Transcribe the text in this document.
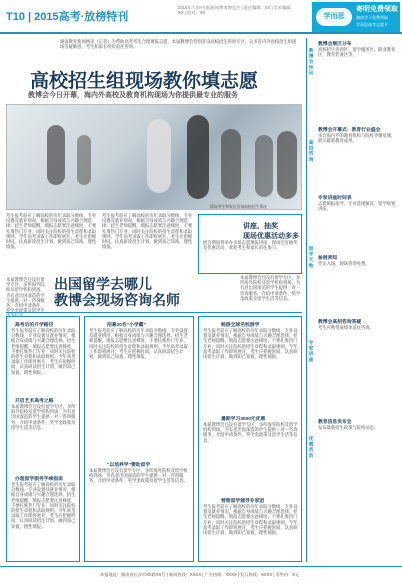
T10 | 2015高考·放榜特刊
2015年大国中国(湖南)教育博览会 | 责任编辑：XX | 美术编辑：XX | 校对：XX
学而思
寄明免费领取
湖南学子免费领取
学而思高考志愿卡
湖南教育新闻网讯（记者）为帮助高考考生合理填报志愿，本届教博会特别开设高校招生咨询专区，众多省内外高校招生组现场答疑解惑，考生和家长纷纷前往咨询。
高校招生组现场教你填志愿
教博会今日开幕，海内外高校及教育机构现场为你提供最专业的服务
现场考生和家长咨询高校招生情况
考生报考前应了解高校的历年录取分数线、专业设置及就业情况，根据自身成绩与兴趣合理选择。招生老师提醒，填报志愿要注意梯度，不要扎堆热门专业，同时关注院校的招生章程和录取规则。今年高考录取工作即将展开，考生应把握时间，认真研读招生计划，做到知己知彼，理性填报。
考生报考前应了解高校的历年录取分数线、专业设置及就业情况，根据自身成绩与兴趣合理选择。招生老师提醒，填报志愿要注意梯度，不要扎堆热门专业，同时关注院校的招生章程和录取规则。今年高考录取工作即将展开，考生应把握时间，认真研读招生计划，做到知己知彼，理性填报。
讲座、抽奖
现场优惠活动多多
展会期间将举办多场志愿填报讲座，现场还有抽奖及优惠活动，欢迎考生和家长前往参与。
出国留学去哪儿
教博会现场咨询名师
本届教博会还设有留学专区，多所海外院校及留学机构到场，为有意出国深造的学生提供一对一咨询服务，介绍申请条件、
本届教博会还设有留学专区，多所海外院校及留学机构到场，为有意出国深造的学生提供一对一咨询服务，介绍申请条件、奖学金政策及留学生活等信息。
高考后的升学路径
考生报考前应了解高校的历年录取分数线、专业设置及就业情况，根据自身成绩与兴趣合理选择。招生老师提醒，填报志愿要注意梯度，不要扎堆热门专业，同时关注院校的招生章程和录取规则。今年高考录取工作即将展开，考生应把握时间，认真研读招生计划，做到知己知彼，理性填报。
开启艺术高考之路
本届教博会还设有留学专区，多所海外院校及留学机构到场，为有意出国深造的学生提供一对一咨询服务，介绍申请条件、奖学金政策及留学生活等信息。
办理留学服务手续指南
考生报考前应了解高校的历年录取分数线、专业设置及就业情况，根据自身成绩与兴趣合理选择。招生老师提醒，填报志愿要注意梯度，不要扎堆热门专业，同时关注院校的招生章程和录取规则。今年高考录取工作即将展开，考生应把握时间，认真研读招生计划，做到知己知彼，理性填报。
招募20名“小学霸”
考生报考前应了解高校的历年录取分数线、专业设置及就业情况，根据自身成绩与兴趣合理选择。招生老师提醒，填报志愿要注意梯度，不要扎堆热门专业，同时关注院校的招生章程和录取规则。今年高考录取工作即将展开，考生应把握时间，认真研读招生计划，做到知己知彼，理性填报。
“以培养学”赞助留学
本届教博会还设有留学专区，多所海外院校及留学机构到场，为有意出国深造的学生提供一对一咨询服务，介绍申请条件、奖学金政策及留学生活等信息。
畅游全球名校游学
考生报考前应了解高校的历年录取分数线、专业设置及就业情况，根据自身成绩与兴趣合理选择。招生老师提醒，填报志愿要注意梯度，不要扎堆热门专业，同时关注院校的招生章程和录取规则。今年高考录取工作即将展开，考生应把握时间，认真研读招生计划，做到知己知彼，理性填报。
暑期学习3000元优惠
本届教博会还设有留学专区，多所海外院校及留学机构到场，为有意出国深造的学生提供一对一咨询服务，介绍申请条件、奖学金政策及留学生活等信息。
营销留学辅导专家团
考生报考前应了解高校的历年录取分数线、专业设置及就业情况，根据自身成绩与兴趣合理选择。招生老师提醒，填报志愿要注意梯度，不要扎堆热门专业，同时关注院校的招生章程和录取规则。今年高考录取工作即将展开，考生应把握时间，认真研读招生计划，做到知己知彼，理性填报。
教博会展区分布
高校招生咨询区、留学服务区、职业教育区、教育装备区等。
教博会开幕式：教育行业盛会
来自海内外的教育机构与院校齐聚星城，展示最新教育成果。
专家讲座时间表
志愿填报指导、专业选择解读、留学规划讲座。
参展须知
凭证入场，现场咨询免费。
教博会高招咨询答疑
考生可携带成绩单前往咨询。
教育信息发布会
发布最新招生政策与院校动态。
教博会快讯
高招咨询
留学天地
专家讲座
优惠活动
本报地址：湖南省长沙市XX路XX号 | 新闻热线：XXXX | 广告热线：XXXX | 发行热线：XXXX | 零售价：X元
